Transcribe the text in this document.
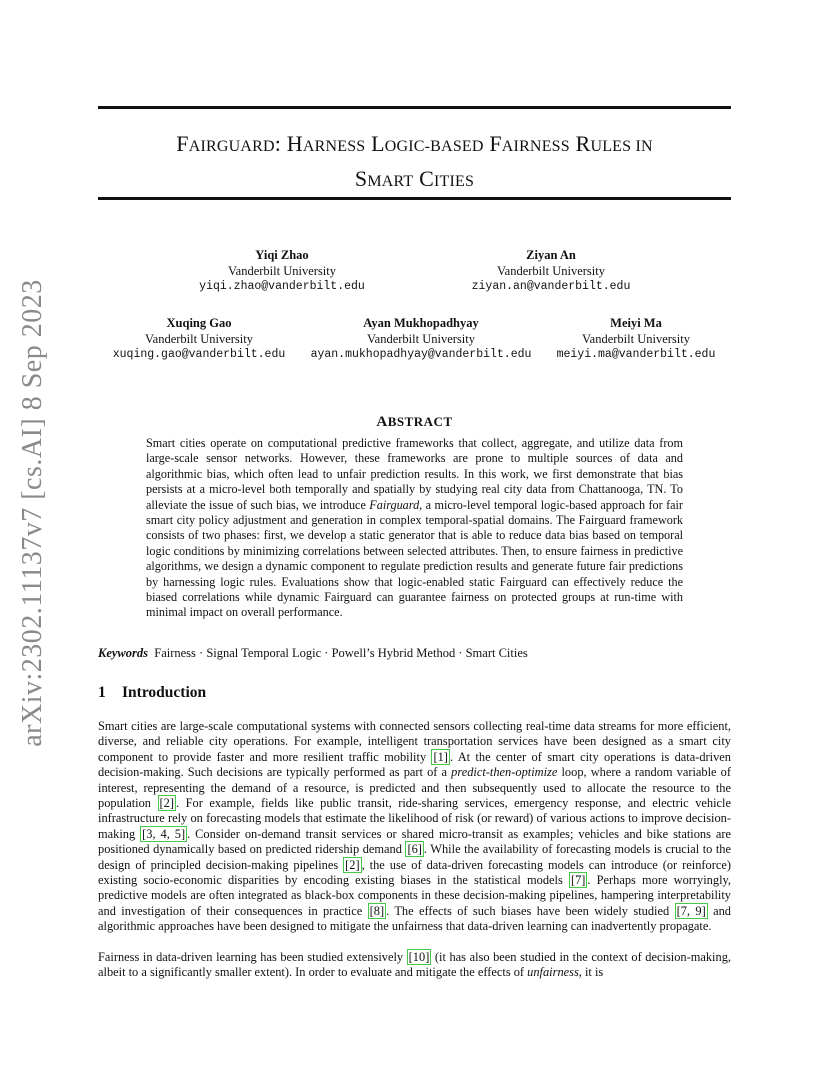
FAIRGUARD: HARNESS LOGIC-BASED FAIRNESS RULES IN
SMART CITIES
arXiv:2302.11137v7 [cs.AI] 8 Sep 2023
Yiqi Zhao
Vanderbilt University
yiqi.zhao@vanderbilt.edu
Ziyan An
Vanderbilt University
ziyan.an@vanderbilt.edu
Xuqing Gao
Vanderbilt University
xuqing.gao@vanderbilt.edu
Ayan Mukhopadhyay
Vanderbilt University
ayan.mukhopadhyay@vanderbilt.edu
Meiyi Ma
Vanderbilt University
meiyi.ma@vanderbilt.edu
ABSTRACT
Smart cities operate on computational predictive frameworks that collect, aggregate, and utilize data from large-scale sensor networks. However, these frameworks are prone to multiple sources of data and algorithmic bias, which often lead to unfair prediction results. In this work, we first demonstrate that bias persists at a micro-level both temporally and spatially by studying real city data from Chattanooga, TN. To alleviate the issue of such bias, we introduce Fairguard, a micro-level temporal logic-based approach for fair smart city policy adjustment and generation in complex temporal-spatial domains. The Fairguard framework consists of two phases: first, we develop a static generator that is able to reduce data bias based on temporal logic conditions by minimizing correlations between selected attributes. Then, to ensure fairness in predictive algorithms, we design a dynamic component to regulate prediction results and generate future fair predictions by harnessing logic rules. Evaluations show that logic-enabled static Fairguard can effectively reduce the biased correlations while dynamic Fairguard can guarantee fairness on protected groups at run-time with minimal impact on overall performance.
Keywords Fairness · Signal Temporal Logic · Powell’s Hybrid Method · Smart Cities
1 Introduction
Smart cities are large-scale computational systems with connected sensors collecting real-time data streams for more efficient, diverse, and reliable city operations. For example, intelligent transportation services have been designed as a smart city component to provide faster and more resilient traffic mobility [1] . At the center of smart city operations is data-driven decision-making. Such decisions are typically performed as part of a predict-then-optimize loop, where a random variable of interest, representing the demand of a resource, is predicted and then subsequently used to allocate the resource to the population [2] . For example, fields like public transit, ride-sharing services, emergency response, and electric vehicle infrastructure rely on forecasting models that estimate the likelihood of risk (or reward) of various actions to improve decision-making [3, 4, 5] . Consider on-demand transit services or shared micro-transit as examples; vehicles and bike stations are positioned dynamically based on predicted ridership demand [6] . While the availability of forecasting models is crucial to the design of principled decision-making pipelines [2] , the use of data-driven forecasting models can introduce (or reinforce) existing socio-economic disparities by encoding existing biases in the statistical models [7] . Perhaps more worryingly, predictive models are often integrated as black-box components in these decision-making pipelines, hampering interpretability and investigation of their consequences in practice [8] . The effects of such biases have been widely studied [7, 9] and algorithmic approaches have been designed to mitigate the unfairness that data-driven learning can inadvertently propagate.
Fairness in data-driven learning has been studied extensively [10] (it has also been studied in the context of decision-making, albeit to a significantly smaller extent). In order to evaluate and mitigate the effects of unfairness, it is
